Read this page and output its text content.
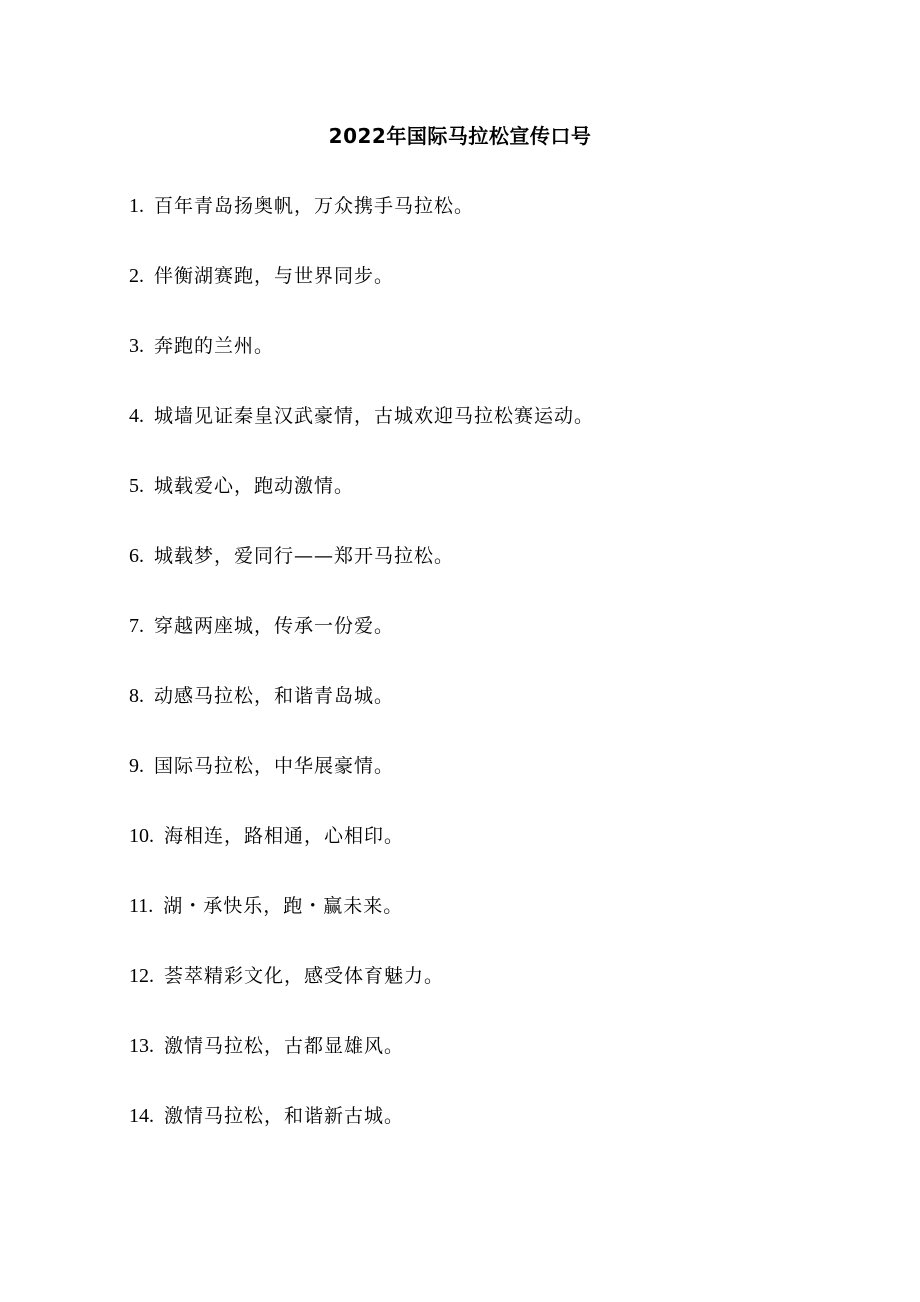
2022年国际马拉松宣传口号
1. 百年青岛扬奥帆，万众携手马拉松。
2. 伴衡湖赛跑，与世界同步。
3. 奔跑的兰州。
4. 城墙见证秦皇汉武豪情，古城欢迎马拉松赛运动。
5. 城载爱心，跑动激情。
6. 城载梦，爱同行——郑开马拉松。
7. 穿越两座城，传承一份爱。
8. 动感马拉松，和谐青岛城。
9. 国际马拉松，中华展豪情。
10. 海相连，路相通，心相印。
11. 湖・承快乐，跑・赢未来。
12. 荟萃精彩文化，感受体育魅力。
13. 激情马拉松，古都显雄风。
14. 激情马拉松，和谐新古城。
